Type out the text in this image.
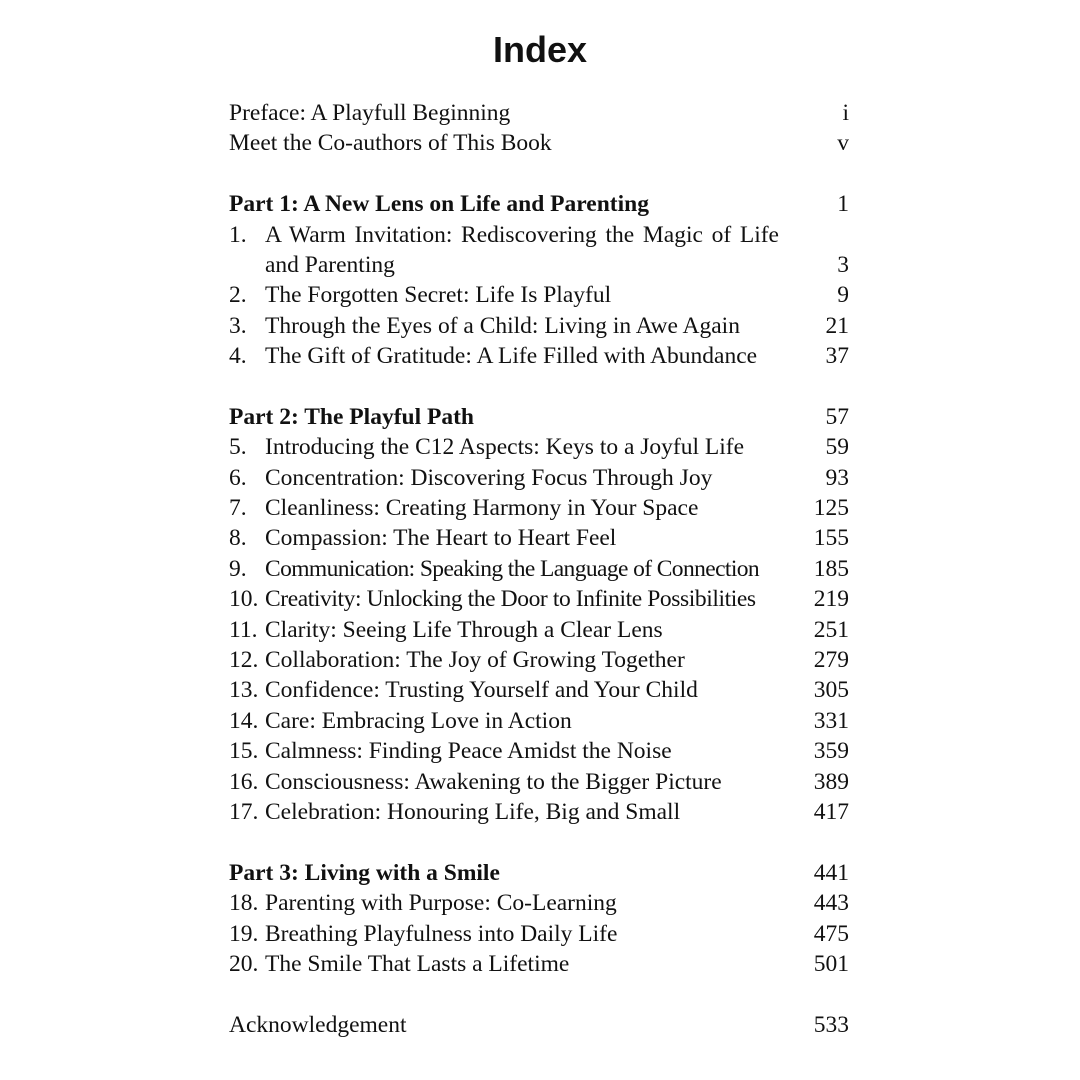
Index
Preface: A Playfull Beginning	i
Meet the Co-authors of This Book	v
Part 1: A New Lens on Life and Parenting	1
1. A Warm Invitation: Rediscovering the Magic of Life and Parenting	3
2. The Forgotten Secret: Life Is Playful	9
3. Through the Eyes of a Child: Living in Awe Again	21
4. The Gift of Gratitude: A Life Filled with Abundance	37
Part 2: The Playful Path	57
5. Introducing the C12 Aspects: Keys to a Joyful Life	59
6. Concentration: Discovering Focus Through Joy	93
7. Cleanliness: Creating Harmony in Your Space	125
8. Compassion: The Heart to Heart Feel	155
9. Communication: Speaking the Language of Connection	185
10. Creativity: Unlocking the Door to Infinite Possibilities	219
11. Clarity: Seeing Life Through a Clear Lens	251
12. Collaboration: The Joy of Growing Together	279
13. Confidence: Trusting Yourself and Your Child	305
14. Care: Embracing Love in Action	331
15. Calmness: Finding Peace Amidst the Noise	359
16. Consciousness: Awakening to the Bigger Picture	389
17. Celebration: Honouring Life, Big and Small	417
Part 3: Living with a Smile	441
18. Parenting with Purpose: Co-Learning	443
19. Breathing Playfulness into Daily Life	475
20. The Smile That Lasts a Lifetime	501
Acknowledgement	533
